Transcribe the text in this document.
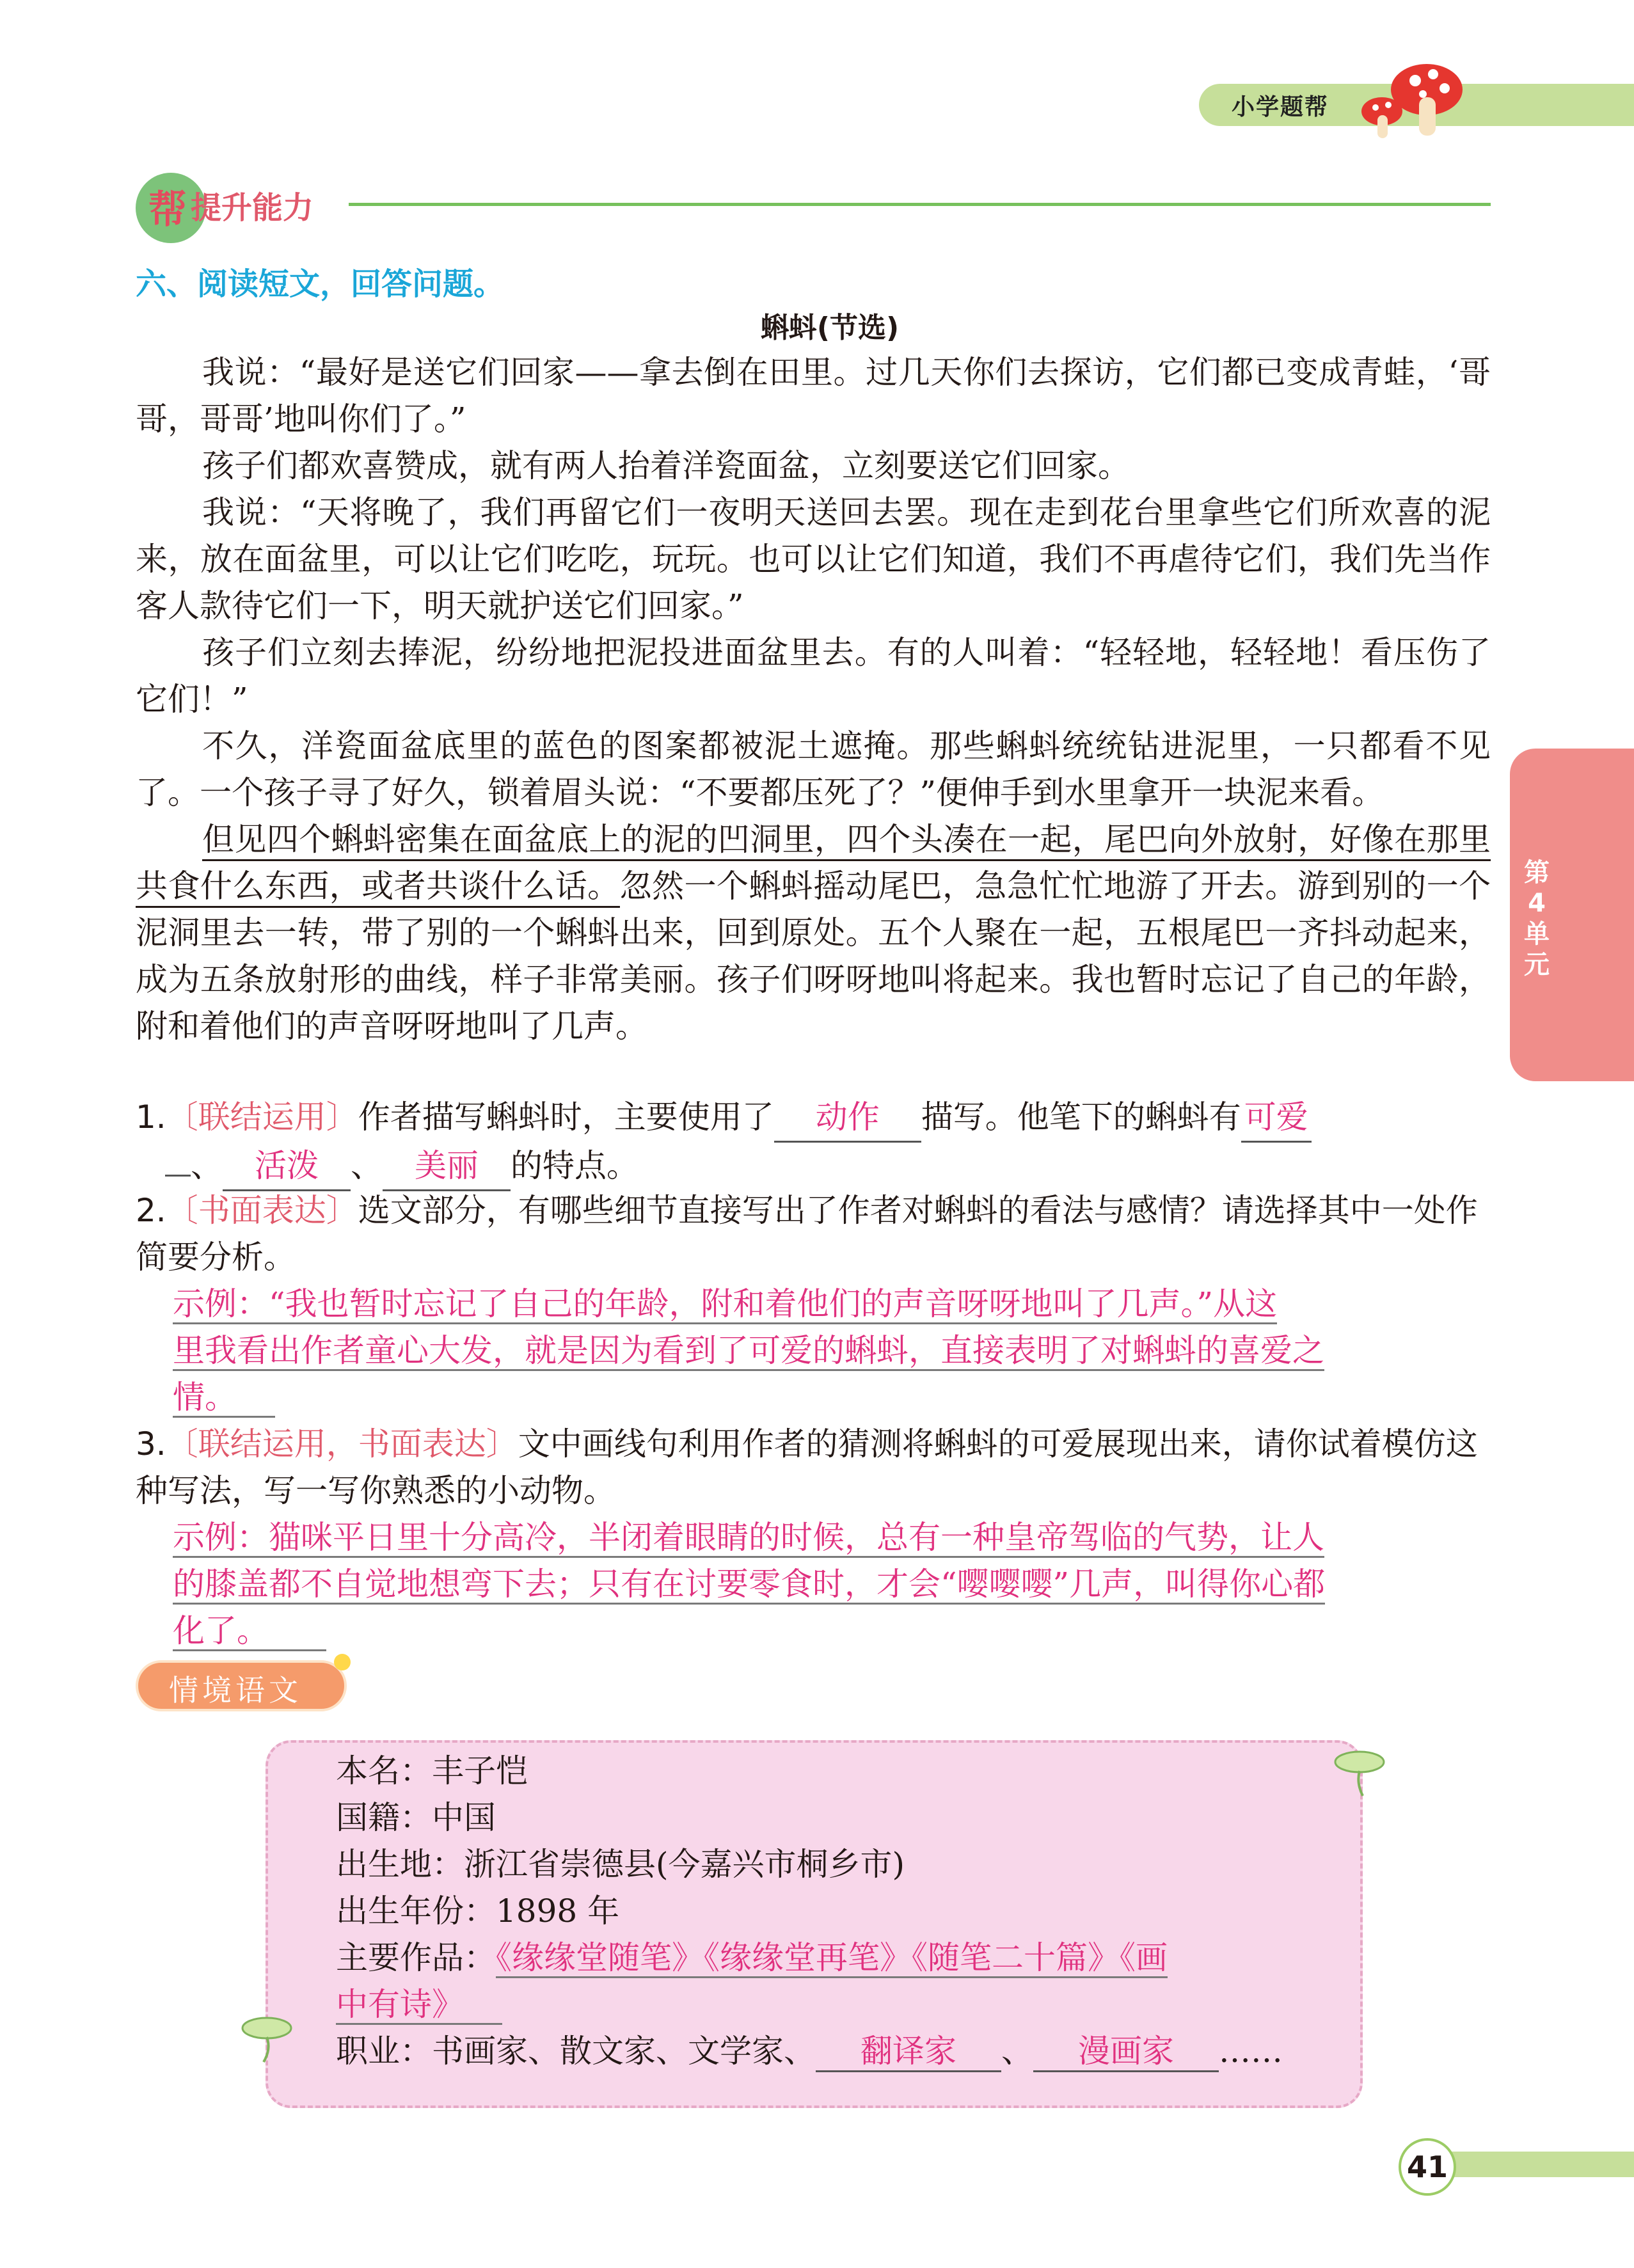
小学题帮
帮 提升能力
六、阅读短文，回答问题。
蝌蚪(节选)

我说：“最好是送它们回家——拿去倒在田里。过几天你们去探访，它们都已变成青蛙，‘哥哥，哥哥’地叫你们了。”

孩子们都欢喜赞成，就有两人抬着洋瓷面盆，立刻要送它们回家。

我说：“天将晚了，我们再留它们一夜明天送回去罢。现在走到花台里拿些它们所欢喜的泥来，放在面盆里，可以让它们吃吃，玩玩。也可以让它们知道，我们不再虐待它们，我们先当作客人款待它们一下，明天就护送它们回家。”

孩子们立刻去捧泥，纷纷地把泥投进面盆里去。有的人叫着：“轻轻地，轻轻地！看压伤了它们！”

不久，洋瓷面盆底里的蓝色的图案都被泥土遮掩。那些蝌蚪统统钻进泥里，一只都看不见了。一个孩子寻了好久，锁着眉头说：“不要都压死了？”便伸手到水里拿开一块泥来看。

但见四个蝌蚪密集在面盆底上的泥的凹洞里，四个头凑在一起，尾巴向外放射，好像在那里共食什么东西，或者共谈什么话。忽然一个蝌蚪摇动尾巴，急急忙忙地游了开去。游到别的一个泥洞里去一转，带了别的一个蝌蚪出来，回到原处。五个人聚在一起，五根尾巴一齐抖动起来，成为五条放射形的曲线，样子非常美丽。孩子们呀呀地叫将起来。我也暂时忘记了自己的年龄，附和着他们的声音呀呀地叫了几声。

第4单元
1.〔联结运用〕作者描写蝌蚪时，主要使用了 动作 描写。他笔下的蝌蚪有 可爱
、 活泼 、 美丽 的特点。
2.〔书面表达〕选文部分，有哪些细节直接写出了作者对蝌蚪的看法与感情？请选择其中一处作简要分析。
示例：“我也暂时忘记了自己的年龄，附和着他们的声音呀呀地叫了几声。”从这
里我看出作者童心大发，就是因为看到了可爱的蝌蚪，直接表明了对蝌蚪的喜爱之
情。
3.〔联结运用，书面表达〕文中画线句利用作者的猜测将蝌蚪的可爱展现出来，请你试着模仿这种写法，写一写你熟悉的小动物。
示例：猫咪平日里十分高冷，半闭着眼睛的时候，总有一种皇帝驾临的气势，让人
的膝盖都不自觉地想弯下去；只有在讨要零食时，才会“嘤嘤嘤”几声，叫得你心都
化了。
情境语文
本名：丰子恺
国籍：中国
出生地：浙江省崇德县(今嘉兴市桐乡市)
出生年份：1898 年
主要作品：《缘缘堂随笔》《缘缘堂再笔》《随笔二十篇》《画
中有诗》
职业：书画家、散文家、文学家、 翻译家 、 漫画家 ……
41
